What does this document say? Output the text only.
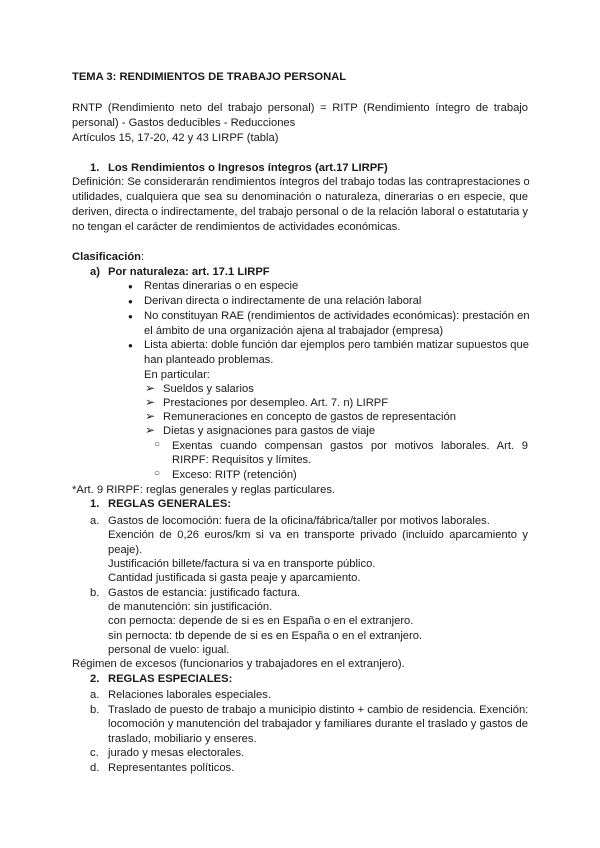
TEMA 3: RENDIMIENTOS DE TRABAJO PERSONAL
RNTP (Rendimiento neto del trabajo personal) = RITP (Rendimiento íntegro de trabajo
personal) - Gastos deducibles - Reducciones
Artículos 15, 17-20, 42 y 43 LIRPF (tabla)
1. Los Rendimientos o Ingresos íntegros (art.17 LIRPF)
Definición: Se considerarán rendimientos íntegros del trabajo todas las contraprestaciones o
utilidades, cualquiera que sea su denominación o naturaleza, dinerarias o en especie, que
deriven, directa o indirectamente, del trabajo personal o de la relación laboral o estatutaria y
no tengan el carácter de rendimientos de actividades económicas.
Clasificación:
a) Por naturaleza: art. 17.1 LIRPF
● Rentas dinerarias o en especie
● Derivan directa o indirectamente de una relación laboral
● No constituyan RAE (rendimientos de actividades económicas): prestación en
el ámbito de una organización ajena al trabajador (empresa)
● Lista abierta: doble función dar ejemplos pero también matizar supuestos que
han planteado problemas.
En particular:
➢ Sueldos y salarios
➢ Prestaciones por desempleo. Art. 7. n) LIRPF
➢ Remuneraciones en concepto de gastos de representación
➢ Dietas y asignaciones para gastos de viaje
○ Exentas cuando compensan gastos por motivos laborales. Art. 9
RIRPF: Requisitos y límites.
○ Exceso: RITP (retención)
*Art. 9 RIRPF: reglas generales y reglas particulares.
1. REGLAS GENERALES:
a. Gastos de locomoción: fuera de la oficina/fábrica/taller por motivos laborales.
Exención de 0,26 euros/km si va en transporte privado (incluido aparcamiento y
peaje).
Justificación billete/factura si va en transporte público.
Cantidad justificada si gasta peaje y aparcamiento.
b. Gastos de estancia: justificado factura.
de manutención: sin justificación.
con pernocta: depende de si es en España o en el extranjero.
sin pernocta: tb depende de si es en España o en el extranjero.
personal de vuelo: igual.
Régimen de excesos (funcionarios y trabajadores en el extranjero).
2. REGLAS ESPECIALES:
a. Relaciones laborales especiales.
b. Traslado de puesto de trabajo a municipio distinto + cambio de residencia. Exención:
locomoción y manutención del trabajador y familiares durante el traslado y gastos de
traslado, mobiliario y enseres.
c. jurado y mesas electorales.
d. Representantes políticos.
